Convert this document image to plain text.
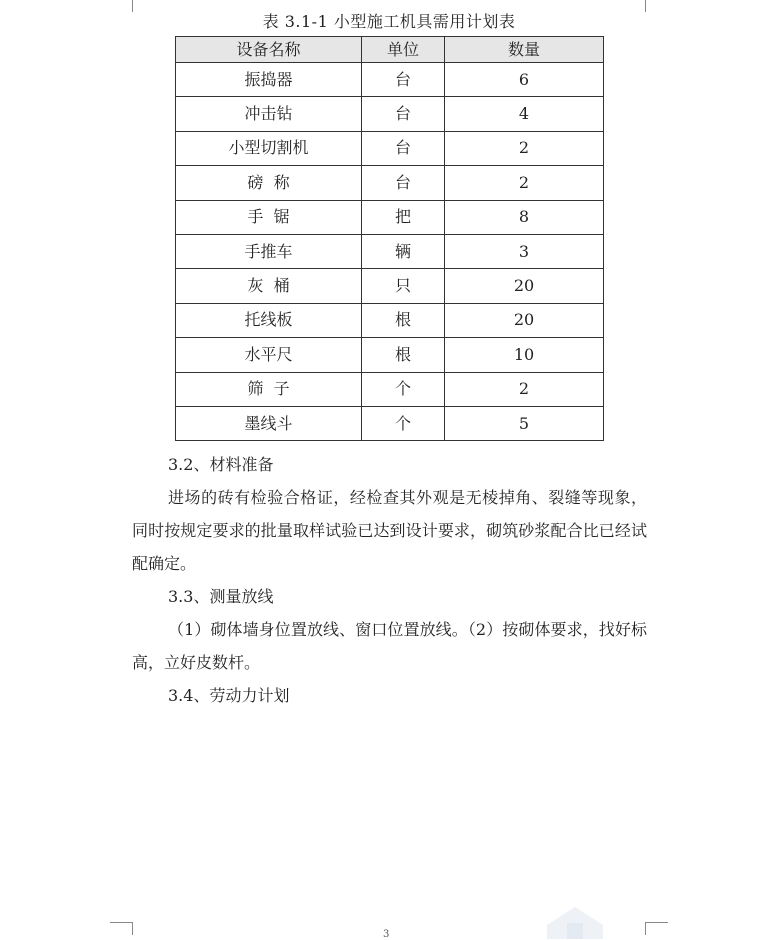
表 3.1-1 小型施工机具需用计划表
设备名称	单位	数量
振捣器	台	6
冲击钻	台	4
小型切割机	台	2
磅  称	台	2
手  锯	把	8
手推车	辆	3
灰  桶	只	20
托线板	根	20
水平尺	根	10
筛  子	个	2
墨线斗	个	5

3.2、材料准备

进场的砖有检验合格证，经检查其外观是无棱掉角、裂缝等现象，同时按规定要求的批量取样试验已达到设计要求，砌筑砂浆配合比已经试配确定。

3.3、测量放线

（1）砌体墙身位置放线、窗口位置放线。（2）按砌体要求，找好标高，立好皮数杆。

3.4、劳动力计划

3
